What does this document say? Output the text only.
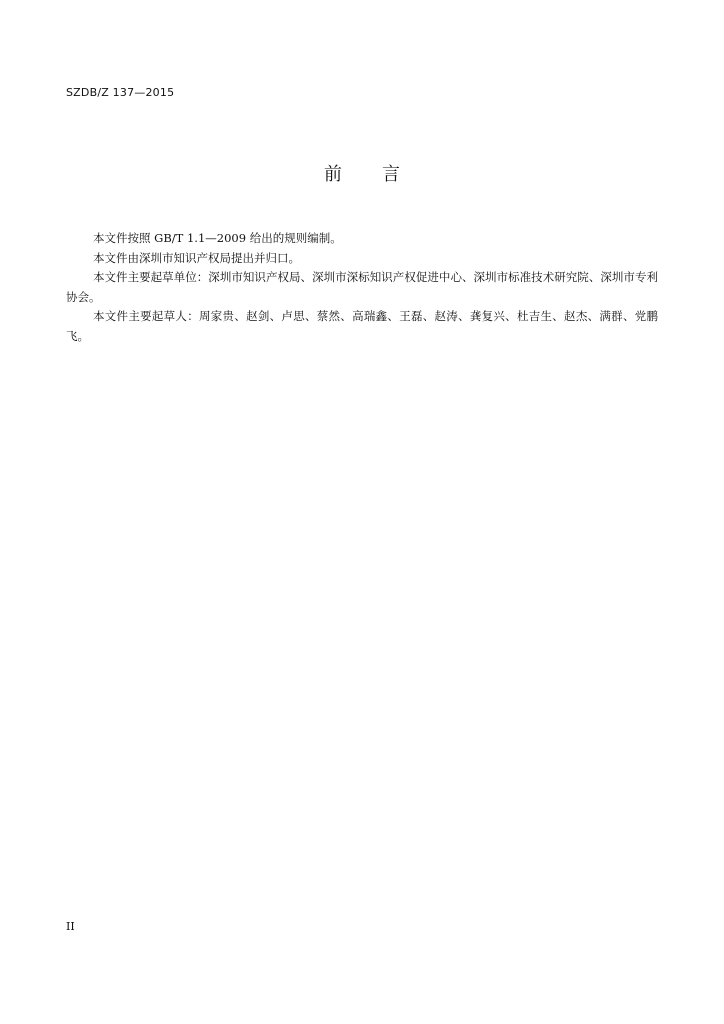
SZDB/Z 137—2015
前 言

本文件按照 GB/T 1.1—2009 给出的规则编制。

本文件由深圳市知识产权局提出并归口。

本文件主要起草单位：深圳市知识产权局、深圳市深标知识产权促进中心、深圳市标准技术研究院、深圳市专利协会。

本文件主要起草人：周家贵、赵剑、卢思、蔡然、高瑞鑫、王磊、赵涛、龚复兴、杜吉生、赵杰、满群、党鹏飞。

II
